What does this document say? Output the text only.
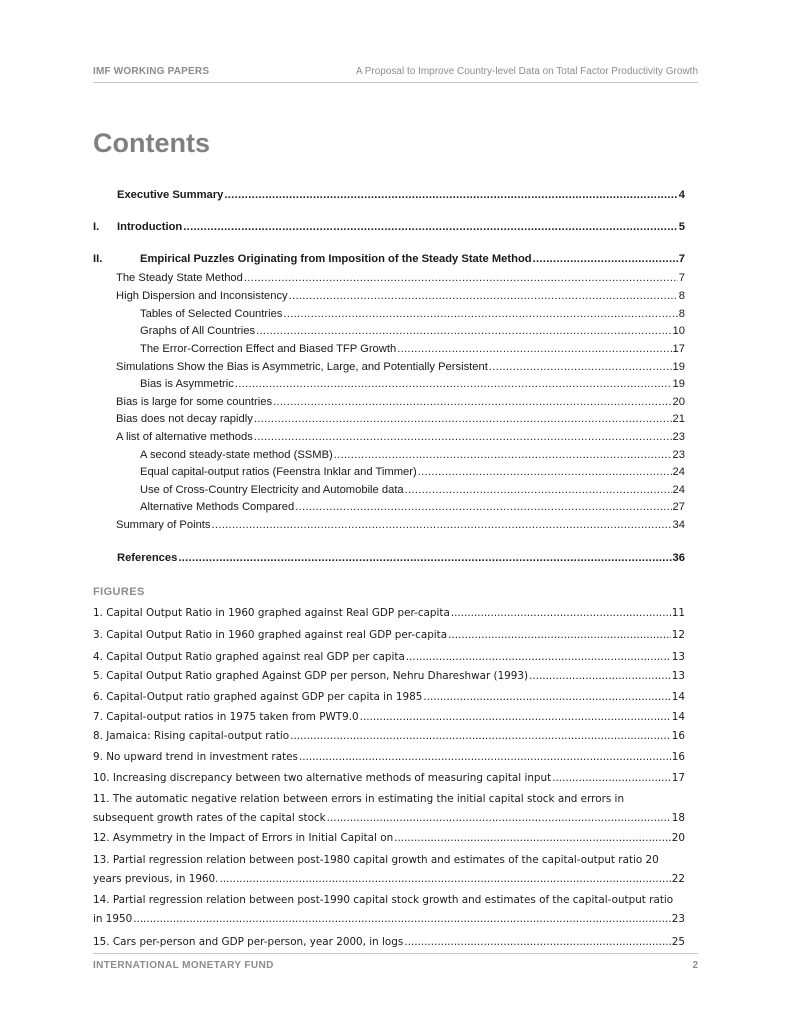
IMF WORKING PAPERS	A Proposal to Improve Country-level Data on Total Factor Productivity Growth
Contents
Executive Summary .....	4
I.	Introduction .....	5
II.	Empirical Puzzles Originating from Imposition of the Steady State Method .....	7
The Steady State Method .....	7
High Dispersion and Inconsistency .....	8
Tables of Selected Countries .....	8
Graphs of All Countries .....	10
The Error-Correction Effect and Biased TFP Growth .....	17
Simulations Show the Bias is Asymmetric, Large, and Potentially Persistent .....	19
Bias is Asymmetric .....	19
Bias is large for some countries .....	20
Bias does not decay rapidly .....	21
A list of alternative methods .....	23
A second steady-state method (SSMB) .....	23
Equal capital-output ratios (Feenstra Inklar and Timmer) .....	24
Use of Cross-Country Electricity and Automobile data .....	24
Alternative Methods Compared .....	27
Summary of Points .....	34
References .....	36
FIGURES
1. Capital Output Ratio in 1960 graphed against Real GDP per-capita .....	11
3. Capital Output Ratio in 1960 graphed against real GDP per-capita .....	12
4. Capital Output Ratio graphed against real GDP per capita .....	13
5. Capital Output Ratio graphed Against GDP per person, Nehru Dhareshwar (1993) .....	13
6. Capital-Output ratio graphed against GDP per capita in 1985 .....	14
7. Capital-output ratios in 1975 taken from PWT9.0 .....	14
8. Jamaica: Rising capital-output ratio .....	16
9. No upward trend in investment rates .....	16
10. Increasing discrepancy between two alternative methods of measuring capital input .....	17
11. The automatic negative relation between errors in estimating the initial capital stock and errors in
subsequent growth rates of the capital stock .....	18
12. Asymmetry in the Impact of Errors in Initial Capital on .....	20
13. Partial regression relation between post-1980 capital growth and estimates of the capital-output ratio 20
years previous, in 1960. .....	22
14. Partial regression relation between post-1990 capital stock growth and estimates of the capital-output ratio
in 1950 .....	23
15. Cars per-person and GDP per-person, year 2000, in logs .....	25
INTERNATIONAL MONETARY FUND	2
